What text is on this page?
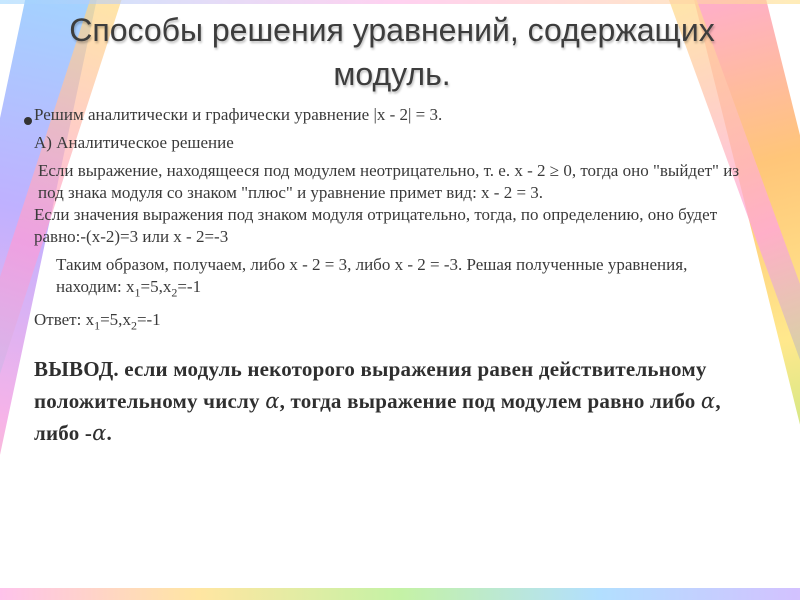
Способы решения уравнений, содержащих модуль.

Решим аналитически и графически уравнение |x - 2| = 3.

А) Аналитическое решение

Если выражение, находящееся под модулем неотрицательно, т. е. x - 2 ≥ 0, тогда оно "выйдет" из под знака модуля со знаком "плюс" и уравнение примет вид: x - 2 = 3.

Если значения выражения под знаком модуля отрицательно, тогда, по определению, оно будет равно:-(x-2)=3 или x - 2=-3

Таким образом, получаем, либо x - 2 = 3, либо x - 2 = -3. Решая полученные уравнения, находим: $x_1=5,x_2=-1$

Ответ: $x_1=5,x_2=-1$

ВЫВОД. если модуль некоторого выражения равен действительному положительному числу α, тогда выражение под модулем равно либо α, либо -α.
